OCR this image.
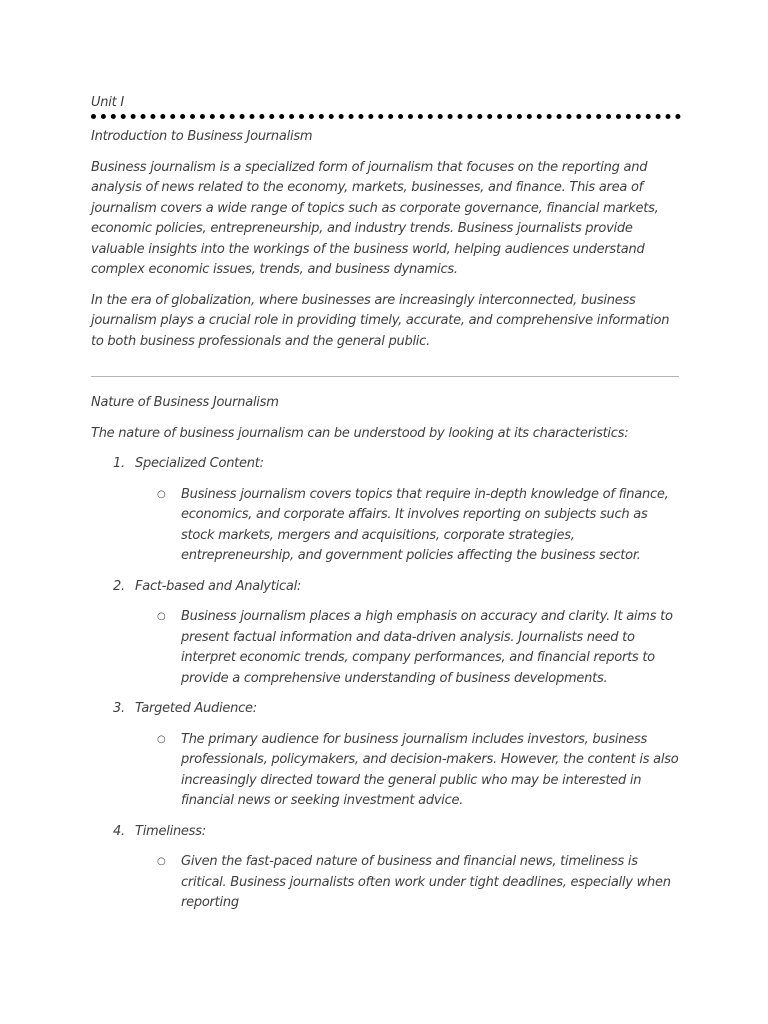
Unit I

Introduction to Business Journalism

Business journalism is a specialized form of journalism that focuses on the reporting and analysis of news related to the economy, markets, businesses, and finance. This area of journalism covers a wide range of topics such as corporate governance, financial markets, economic policies, entrepreneurship, and industry trends. Business journalists provide valuable insights into the workings of the business world, helping audiences understand complex economic issues, trends, and business dynamics.

In the era of globalization, where businesses are increasingly interconnected, business journalism plays a crucial role in providing timely, accurate, and comprehensive information to both business professionals and the general public.

Nature of Business Journalism

The nature of business journalism can be understood by looking at its characteristics:

1. Specialized Content:
○ Business journalism covers topics that require in-depth knowledge of finance, economics, and corporate affairs. It involves reporting on subjects such as stock markets, mergers and acquisitions, corporate strategies, entrepreneurship, and government policies affecting the business sector.
2. Fact-based and Analytical:
○ Business journalism places a high emphasis on accuracy and clarity. It aims to present factual information and data-driven analysis. Journalists need to interpret economic trends, company performances, and financial reports to provide a comprehensive understanding of business developments.
3. Targeted Audience:
○ The primary audience for business journalism includes investors, business professionals, policymakers, and decision-makers. However, the content is also increasingly directed toward the general public who may be interested in financial news or seeking investment advice.
4. Timeliness:
○ Given the fast-paced nature of business and financial news, timeliness is critical. Business journalists often work under tight deadlines, especially when reporting
